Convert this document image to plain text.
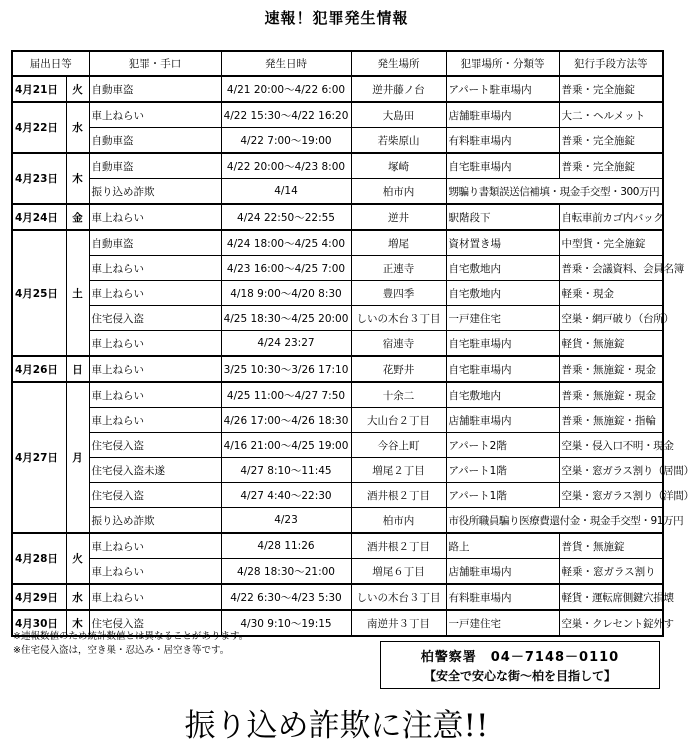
速報！犯罪発生情報
届出日等		犯罪・手口	発生日時	発生場所	犯罪場所・分類等	犯行手段方法等
4月21日	火	自動車盗	4/21 20:00～4/22 6:00	逆井藤ノ台	アパート駐車場内	普乗・完全施錠
4月22日	水	車上ねらい	4/22 15:30～4/22 16:20	大島田	店舗駐車場内	大二・ヘルメット
		自動車盗	4/22 7:00～19:00	若柴原山	有料駐車場内	普乗・完全施錠
4月23日	木	自動車盗	4/22 20:00～4/23 8:00	塚崎	自宅駐車場内	普乗・完全施錠
		振り込め詐欺	4/14	柏市内	甥騙り書類誤送信補填・現金手交型・300万円	
4月24日	金	車上ねらい	4/24 22:50～22:55	逆井	駅階段下	自転車前カゴ内バック
4月25日	土	自動車盗	4/24 18:00～4/25 4:00	増尾	資材置き場	中型貨・完全施錠
		車上ねらい	4/23 16:00～4/25 7:00	正連寺	自宅敷地内	普乗・会議資料、会員名簿
		車上ねらい	4/18 9:00～4/20 8:30	豊四季	自宅敷地内	軽乗・現金
		住宅侵入盗	4/25 18:30～4/25 20:00	しいの木台３丁目	一戸建住宅	空巣・網戸破り（台所）
		車上ねらい	4/24 23:27	宿連寺	自宅駐車場内	軽貨・無施錠
4月26日	日	車上ねらい	3/25 10:30～3/26 17:10	花野井	自宅駐車場内	普乗・無施錠・現金
4月27日	月	車上ねらい	4/25 11:00～4/27 7:50	十余二	自宅敷地内	普乗・無施錠・現金
		車上ねらい	4/26 17:00～4/26 18:30	大山台２丁目	店舗駐車場内	普乗・無施錠・指輪
		住宅侵入盗	4/16 21:00～4/25 19:00	今谷上町	アパート2階	空巣・侵入口不明・現金
		住宅侵入盗未遂	4/27 8:10～11:45	増尾２丁目	アパート1階	空巣・窓ガラス割り（居間）
		住宅侵入盗	4/27 4:40～22:30	酒井根２丁目	アパート1階	空巣・窓ガラス割り（洋間）
		振り込め詐欺	4/23	柏市内	市役所職員騙り医療費還付金・現金手交型・91万円	
4月28日	火	車上ねらい	4/28 11:26	酒井根２丁目	路上	普貨・無施錠
		車上ねらい	4/28 18:30～21:00	増尾６丁目	店舗駐車場内	軽乗・窓ガラス割り
4月29日	水	車上ねらい	4/22 6:30～4/23 5:30	しいの木台３丁目	有料駐車場内	軽貨・運転席側鍵穴損壊
4月30日	木	住宅侵入盗	4/30 9:10～19:15	南逆井３丁目	一戸建住宅	空巣・クレセント錠外す
※速報数値のため統計数値とは異なることがあります。
※住宅侵入盗は，空き巣・忍込み・居空き等です。	柏警察署　04－7148－0110
【安全で安心な街～柏を目指して】
振り込め詐欺に注意!!
